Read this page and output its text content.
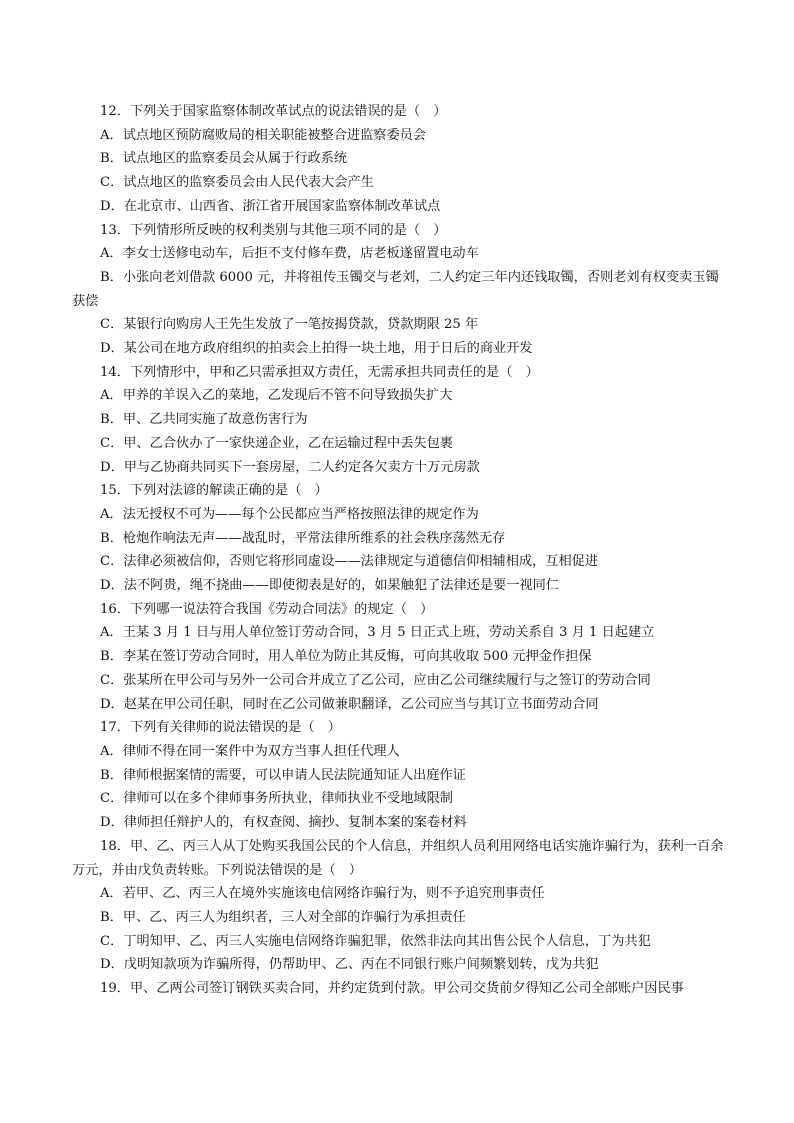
12．下列关于国家监察体制改革试点的说法错误的是（　）

A．试点地区预防腐败局的相关职能被整合进监察委员会

B．试点地区的监察委员会从属于行政系统

C．试点地区的监察委员会由人民代表大会产生

D．在北京市、山西省、浙江省开展国家监察体制改革试点

13．下列情形所反映的权利类别与其他三项不同的是（　）

A．李女士送修电动车，后拒不支付修车费，店老板遂留置电动车

B．小张向老刘借款 6000 元，并将祖传玉镯交与老刘，二人约定三年内还钱取镯，否则老刘有权变卖玉镯获偿

C．某银行向购房人王先生发放了一笔按揭贷款，贷款期限 25 年

D．某公司在地方政府组织的拍卖会上拍得一块土地，用于日后的商业开发

14．下列情形中，甲和乙只需承担双方责任，无需承担共同责任的是（　）

A．甲养的羊误入乙的菜地，乙发现后不管不问导致损失扩大

B．甲、乙共同实施了故意伤害行为

C．甲、乙合伙办了一家快递企业，乙在运输过程中丢失包裹

D．甲与乙协商共同买下一套房屋，二人约定各欠卖方十万元房款

15．下列对法谚的解读正确的是（　）

A．法无授权不可为——每个公民都应当严格按照法律的规定作为

B．枪炮作响法无声——战乱时，平常法律所维系的社会秩序荡然无存

C．法律必须被信仰，否则它将形同虚设——法律规定与道德信仰相辅相成，互相促进

D．法不阿贵，绳不挠曲——即使彻表是好的，如果触犯了法律还是要一视同仁

16．下列哪一说法符合我国《劳动合同法》的规定（　）

A．王某 3 月 1 日与用人单位签订劳动合同，3 月 5 日正式上班，劳动关系自 3 月 1 日起建立

B．李某在签订劳动合同时，用人单位为防止其反悔，可向其收取 500 元押金作担保

C．张某所在甲公司与另外一公司合并成立了乙公司，应由乙公司继续履行与之签订的劳动合同

D．赵某在甲公司任职，同时在乙公司做兼职翻译，乙公司应当与其订立书面劳动合同

17．下列有关律师的说法错误的是（　）

A．律师不得在同一案件中为双方当事人担任代理人

B．律师根据案情的需要，可以申请人民法院通知证人出庭作证

C．律师可以在多个律师事务所执业，律师执业不受地域限制

D．律师担任辩护人的，有权查阅、摘抄、复制本案的案卷材料

18．甲、乙、丙三人从丁处购买我国公民的个人信息，并组织人员利用网络电话实施诈骗行为，获利一百余万元，并由戊负责转账。下列说法错误的是（　）

A．若甲、乙、丙三人在境外实施该电信网络诈骗行为，则不予追究刑事责任

B．甲、乙、丙三人为组织者，三人对全部的诈骗行为承担责任

C．丁明知甲、乙、丙三人实施电信网络诈骗犯罪，依然非法向其出售公民个人信息，丁为共犯

D．戊明知款项为诈骗所得，仍帮助甲、乙、丙在不同银行账户间频繁划转，戊为共犯

19．甲、乙两公司签订钢铁买卖合同，并约定货到付款。甲公司交货前夕得知乙公司全部账户因民事
